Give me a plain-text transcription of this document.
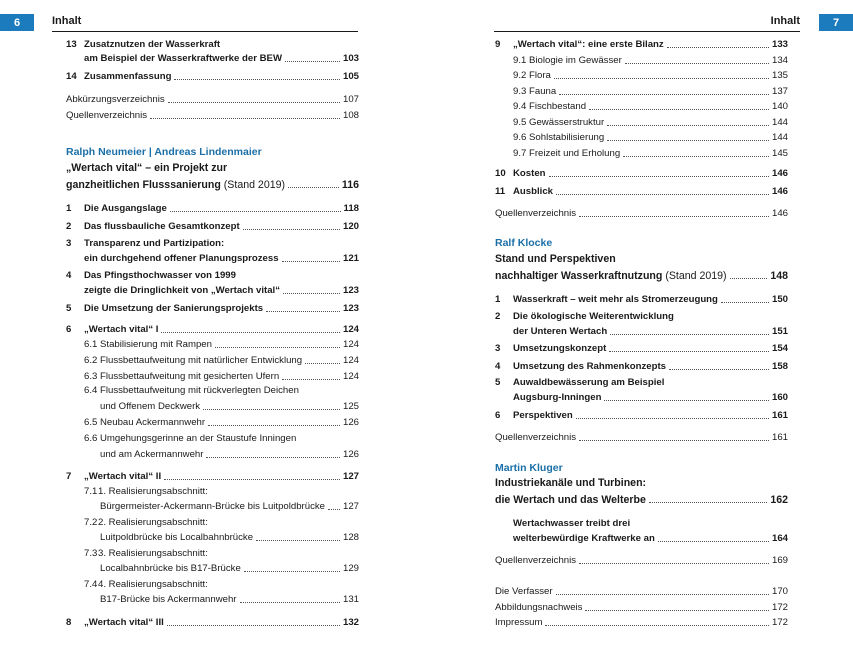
6	Inhalt	Inhalt	7
13 Zusatznutzen der Wasserkraft
am Beispiel der Wasserkraftwerke der BEW	103
14 Zusammenfassung	105
Abkürzungsverzeichnis	107
Quellenverzeichnis	108
Ralph Neumeier | Andreas Lindenmaier
„Wertach vital“ – ein Projekt zur
ganzheitlichen Flusssanierung (Stand 2019)	116
1 Die Ausgangslage	118
2 Das flussbauliche Gesamtkonzept	120
3 Transparenz und Partizipation:
ein durchgehend offener Planungsprozess	121
4 Das Pfingsthochwasser von 1999
zeigte die Dringlichkeit von „Wertach vital“	123
5 Die Umsetzung der Sanierungsprojekts	123
6 „Wertach vital“ I	124
6.1 Stabilisierung mit Rampen	124
6.2 Flussbettaufweitung mit natürlicher Entwicklung	124
6.3 Flussbettaufweitung mit gesicherten Ufern	124
6.4 Flussbettaufweitung mit rückverlegten Deichen
und Offenem Deckwerk	125
6.5 Neubau Ackermannwehr	126
6.6 Umgehungsgerinne an der Staustufe Inningen
und am Ackermannwehr	126
7 „Wertach vital“ II	127
7.11. Realisierungsabschnitt:
Bürgermeister-Ackermann-Brücke bis Luitpoldbrücke 127
7.22. Realisierungsabschnitt:
Luitpoldbrücke bis Localbahnbrücke	128
7.33. Realisierungsabschnitt:
Localbahnbrücke bis B17-Brücke	129
7.44. Realisierungsabschnitt:
B17-Brücke bis Ackermannwehr	131
8 „Wertach vital“ III	132
9 „Wertach vital“: eine erste Bilanz	133
9.1 Biologie im Gewässer	134
9.2 Flora	135
9.3 Fauna	137
9.4 Fischbestand	140
9.5 Gewässerstruktur	144
9.6 Sohlstabilisierung	144
9.7 Freizeit und Erholung	145
10 Kosten	146
11 Ausblick	146
Quellenverzeichnis	146
Ralf Klocke
Stand und Perspektiven
nachhaltiger Wasserkraftnutzung (Stand 2019)	148
1 Wasserkraft – weit mehr als Stromerzeugung	150
2 Die ökologische Weiterentwicklung
der Unteren Wertach	151
3 Umsetzungskonzept	154
4 Umsetzung des Rahmenkonzepts	158
5 Auwaldbewässerung am Beispiel
Augsburg-Inningen	160
6 Perspektiven	161
Quellenverzeichnis	161
Martin Kluger
Industriekanäle und Turbinen:
die Wertach und das Welterbe	162
Wertachwasser treibt drei
welterbewürdige Kraftwerke an	164
Quellenverzeichnis	169
Die Verfasser	170
Abbildungsnachweis	172
Impressum	172
